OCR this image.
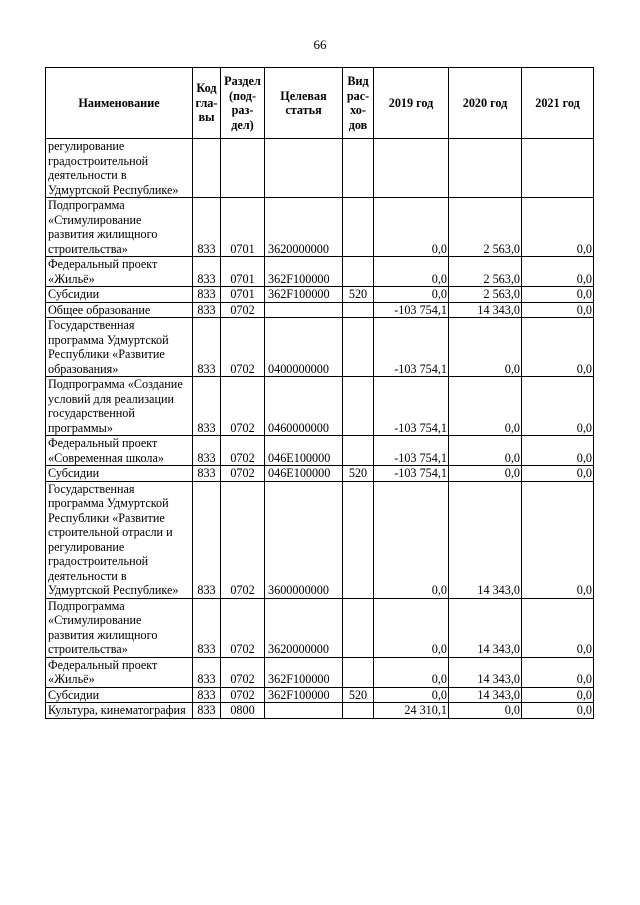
66
Наименование	Код гла-вы	Раздел (под-раз-дел)	Целевая статья	Вид рас-хо-дов	2019 год	2020 год	2021 год
регулирование градостроительной деятельности в Удмуртской Республике»							
Подпрограмма «Стимулирование развития жилищного строительства»	833	0701	3620000000		0,0	2 563,0	0,0
Федеральный проект «Жильё»	833	0701	362F100000		0,0	2 563,0	0,0
Субсидии	833	0701	362F100000	520	0,0	2 563,0	0,0
Общее образование	833	0702			-103 754,1	14 343,0	0,0
Государственная программа Удмуртской Республики «Развитие образования»	833	0702	0400000000		-103 754,1	0,0	0,0
Подпрограмма «Создание условий для реализации государственной программы»	833	0702	0460000000		-103 754,1	0,0	0,0
Федеральный проект «Современная школа»	833	0702	046E100000		-103 754,1	0,0	0,0
Субсидии	833	0702	046E100000	520	-103 754,1	0,0	0,0
Государственная программа Удмуртской Республики «Развитие строительной отрасли и регулирование градостроительной деятельности в Удмуртской Республике»	833	0702	3600000000		0,0	14 343,0	0,0
Подпрограмма «Стимулирование развития жилищного строительства»	833	0702	3620000000		0,0	14 343,0	0,0
Федеральный проект «Жильё»	833	0702	362F100000		0,0	14 343,0	0,0
Субсидии	833	0702	362F100000	520	0,0	14 343,0	0,0
Культура, кинематография	833	0800			24 310,1	0,0	0,0
